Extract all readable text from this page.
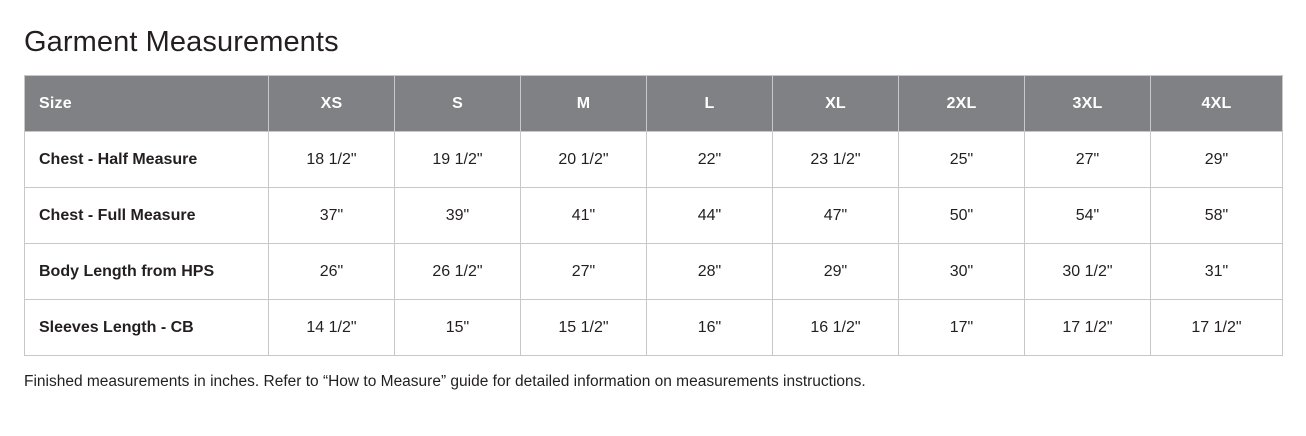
Garment Measurements
Size	XS	S	M	L	XL	2XL	3XL	4XL
Chest - Half Measure	18 1/2"	19 1/2"	20 1/2"	22"	23 1/2"	25"	27"	29"
Chest - Full Measure	37"	39"	41"	44"	47"	50"	54"	58"
Body Length from HPS	26"	26 1/2"	27"	28"	29"	30"	30 1/2"	31"
Sleeves Length - CB	14 1/2"	15"	15 1/2"	16"	16 1/2"	17"	17 1/2"	17 1/2"
Finished measurements in inches. Refer to “How to Measure” guide for detailed information on measurements instructions.
